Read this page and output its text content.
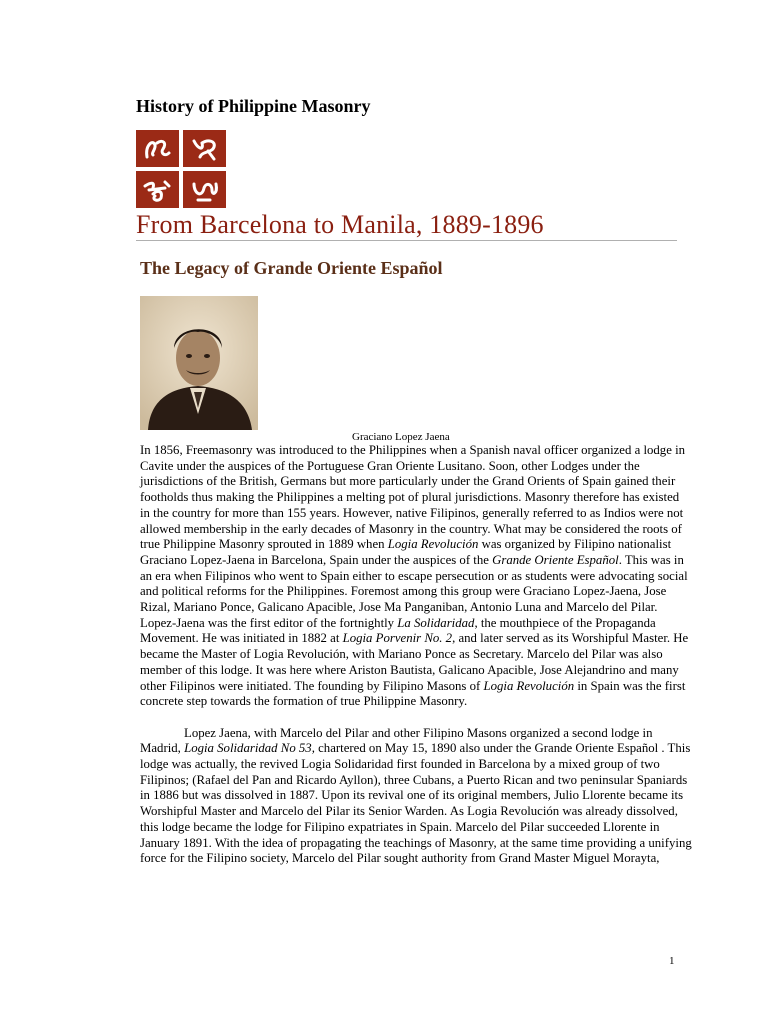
History of Philippine Masonry
From Barcelona to Manila, 1889-1896
The Legacy of Grande Oriente Español
Graciano Lopez Jaena

In 1856, Freemasonry was introduced to the Philippines when a Spanish naval officer organized a lodge in Cavite under the auspices of the Portuguese Gran Oriente Lusitano. Soon, other Lodges under the jurisdictions of the British, Germans but more particularly under the Grand Orients of Spain gained their footholds thus making the Philippines a melting pot of plural jurisdictions. Masonry therefore has existed in the country for more than 155 years. However, native Filipinos, generally referred to as Indios were not allowed membership in the early decades of Masonry in the country. What may be considered the roots of true Philippine Masonry sprouted in 1889 when Logia Revolución was organized by Filipino nationalist Graciano Lopez-Jaena in Barcelona, Spain under the auspices of the Grande Oriente Español. This was in an era when Filipinos who went to Spain either to escape persecution or as students were advocating social and political reforms for the Philippines. Foremost among this group were Graciano Lopez-Jaena, Jose Rizal, Mariano Ponce, Galicano Apacible, Jose Ma Panganiban, Antonio Luna and Marcelo del Pilar. Lopez-Jaena was the first editor of the fortnightly La Solidaridad, the mouthpiece of the Propaganda Movement. He was initiated in 1882 at Logia Porvenir No. 2, and later served as its Worshipful Master. He became the Master of Logia Revolución, with Mariano Ponce as Secretary. Marcelo del Pilar was also member of this lodge. It was here where Ariston Bautista, Galicano Apacible, Jose Alejandrino and many other Filipinos were initiated. The founding by Filipino Masons of Logia Revolución in Spain was the first concrete step towards the formation of true Philippine Masonry.

Lopez Jaena, with Marcelo del Pilar and other Filipino Masons organized a second lodge in Madrid, Logia Solidaridad No 53, chartered on May 15, 1890 also under the Grande Oriente Español . This lodge was actually, the revived Logia Solidaridad first founded in Barcelona by a mixed group of two Filipinos; (Rafael del Pan and Ricardo Ayllon), three Cubans, a Puerto Rican and two peninsular Spaniards in 1886 but was dissolved in 1887. Upon its revival one of its original members, Julio Llorente became its Worshipful Master and Marcelo del Pilar its Senior Warden. As Logia Revolución was already dissolved, this lodge became the lodge for Filipino expatriates in Spain. Marcelo del Pilar succeeded Llorente in January 1891. With the idea of propagating the teachings of Masonry, at the same time providing a unifying force for the Filipino society, Marcelo del Pilar sought authority from Grand Master Miguel Morayta,

1
